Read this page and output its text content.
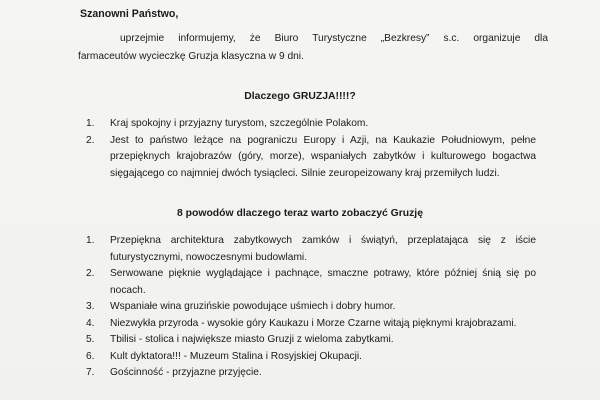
Szanowni Państwo,

uprzejmie informujemy, że Biuro Turystyczne „Bezkresy” s.c. organizuje dla

farmaceutów wycieczkę Gruzja klasyczna w 9 dni.

Dlaczego GRUZJA!!!!?

1. Kraj spokojny i przyjazny turystom, szczególnie Polakom.
2. Jest to państwo leżące na pograniczu Europy i Azji, na Kaukazie Południowym, pełne przepięknych krajobrazów (góry, morze), wspaniałych zabytków i kulturowego bogactwa sięgającego co najmniej dwóch tysiącleci. Silnie zeuropeizowany kraj przemiłych ludzi.

8 powodów dlaczego teraz warto zobaczyć Gruzję

1. Przepiękna architektura zabytkowych zamków i świątyń, przeplatająca się z iście futurystycznymi, nowoczesnymi budowlami.
2. Serwowane pięknie wyglądające i pachnące, smaczne potrawy, które później śnią się po nocach.
3. Wspaniałe wina gruzińskie powodujące uśmiech i dobry humor.
4. Niezwykła przyroda - wysokie góry Kaukazu i Morze Czarne witają pięknymi krajobrazami.
5. Tbilisi - stolica i największe miasto Gruzji z wieloma zabytkami.
6. Kult dyktatora!!! - Muzeum Stalina i Rosyjskiej Okupacji.
7. Gościnność - przyjazne przyjęcie.
